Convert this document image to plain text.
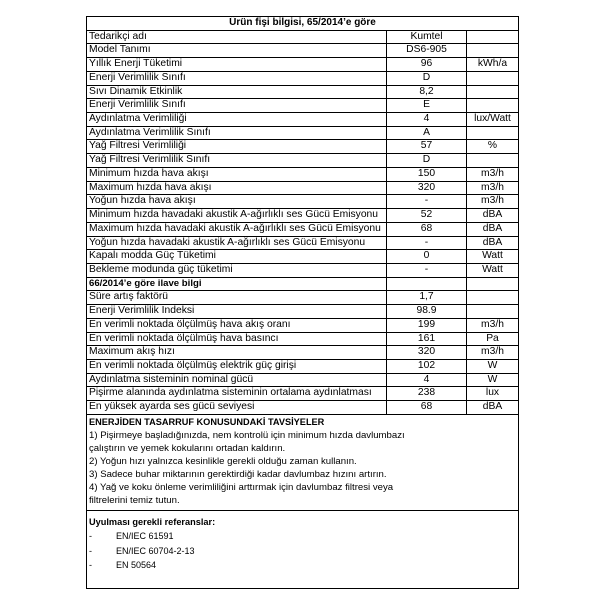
Ürün fişi bilgisi, 65/2014’e göre
Tedarikçi adı	Kumtel
Model Tanımı	DS6-905
Yıllık Enerji Tüketimi	96	kWh/a
Enerji Verimlilik Sınıfı	D
Sıvı Dinamik Etkinlik	8,2
Enerji Verimlilik Sınıfı	E
Aydınlatma Verimliliği	4	lux/Watt
Aydınlatma Verimlilik Sınıfı	A
Yağ Filtresi Verimliliği	57	%
Yağ Filtresi Verimlilik Sınıfı	D
Minimum hızda hava akışı	150	m3/h
Maximum hızda hava akışı	320	m3/h
Yoğun hızda hava akışı	-	m3/h
Minimum hızda havadaki akustik A-ağırlıklı ses Gücü Emisyonu	52	dBA
Maximum hızda havadaki akustik A-ağırlıklı ses Gücü Emisyonu	68	dBA
Yoğun hızda havadaki akustik A-ağırlıklı ses Gücü Emisyonu	-	dBA
Kapalı modda Güç Tüketimi	0	Watt
Bekleme modunda güç tüketimi	-	Watt
66/2014’e göre ilave bilgi
Süre artış faktörü	1,7
Enerji Verimlilik İndeksi	98.9
En verimli noktada ölçülmüş hava akış oranı	199	m3/h
En verimli noktada ölçülmüş hava basıncı	161	Pa
Maximum akış hızı	320	m3/h
En verimli noktada ölçülmüş elektrik güç girişi	102	W
Aydınlatma sisteminin nominal gücü	4	W
Pişirme alanında aydınlatma sisteminin ortalama aydınlatması	238	lux
En yüksek ayarda ses gücü seviyesi	68	dBA
ENERJİDEN TASARRUF KONUSUNDAKİ TAVSİYELER
1) Pişirmeye başladığınızda, nem kontrolü için minimum hızda davlumbazı çalıştırın ve yemek kokularını ortadan kaldırın.
2) Yoğun hızı yalnızca kesinlikle gerekli olduğu zaman kullanın.
3) Sadece buhar miktarının gerektirdiği kadar davlumbaz hızını artırın.
4) Yağ ve koku önleme verimliliğini arttırmak için davlumbaz filtresi veya filtrelerini temiz tutun.
Uyulması gerekli referanslar:
-	EN/IEC 61591
-	EN/IEC 60704-2-13
-	EN 50564
